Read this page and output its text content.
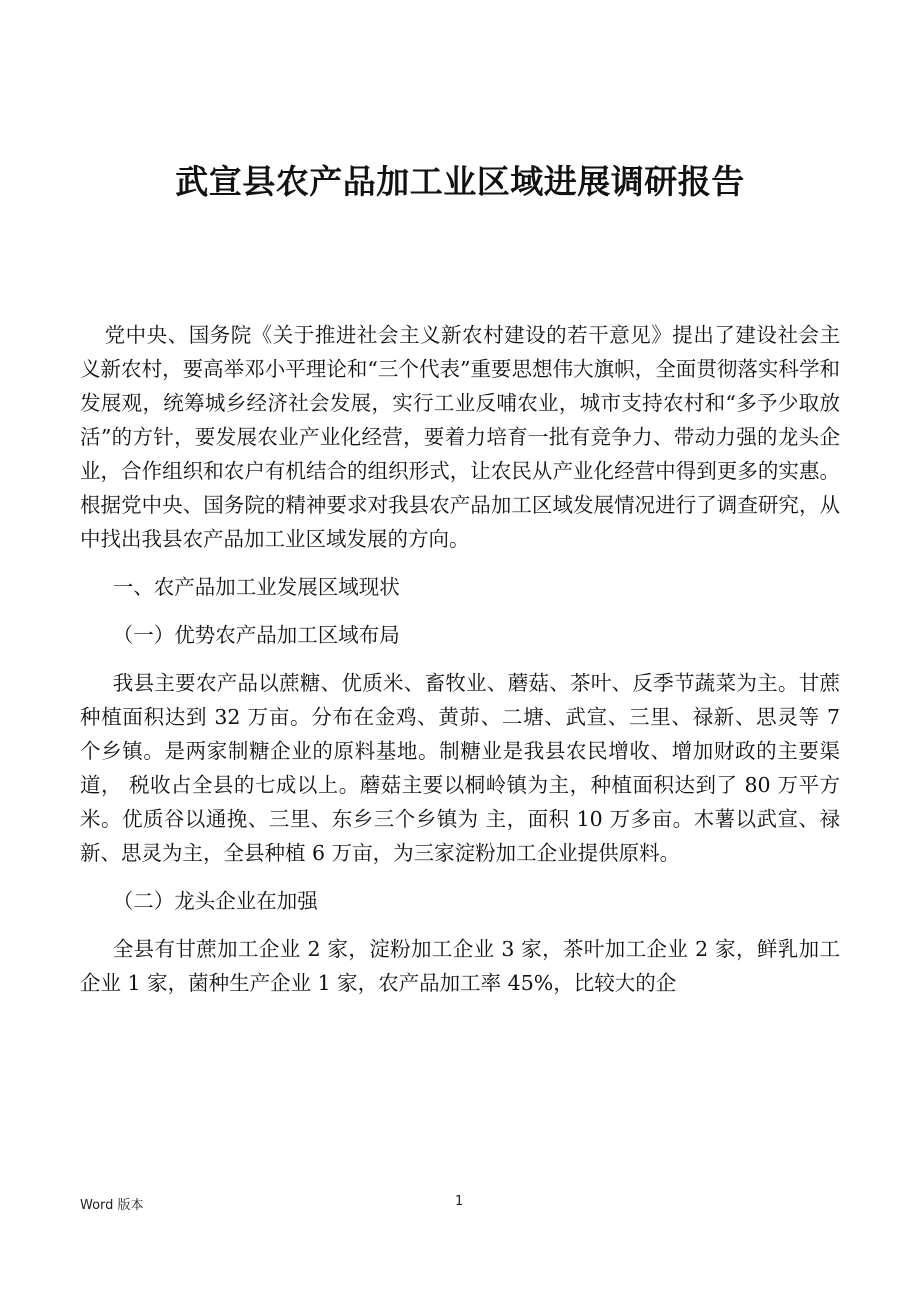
武宣县农产品加工业区域进展调研报告

党中央、国务院《关于推进社会主义新农村建设的若干意见》提出了建设社会主义新农村，要高举邓小平理论和“三个代表”重要思想伟大旗帜，全面贯彻落实科学和发展观，统筹城乡经济社会发展，实行工业反哺农业，城市支持农村和“多予少取放活”的方针，要发展农业产业化经营，要着力培育一批有竞争力、带动力强的龙头企业，合作组织和农户有机结合的组织形式，让农民从产业化经营中得到更多的实惠。根据党中央、国务院的精神要求对我县农产品加工区域发展情况进行了调查研究，从中找出我县农产品加工业区域发展的方向。

一、农产品加工业发展区域现状

（一）优势农产品加工区域布局

我县主要农产品以蔗糖、优质米、畜牧业、蘑菇、茶叶、反季节蔬菜为主。甘蔗种植面积达到 32 万亩。分布在金鸡、黄茆、二塘、武宣、三里、禄新、思灵等 7 个乡镇。是两家制糖企业的原料基地。制糖业是我县农民增收、增加财政的主要渠道， 税收占全县的七成以上。蘑菇主要以桐岭镇为主，种植面积达到了 80 万平方米。优质谷以通挽、三里、东乡三个乡镇为 主，面积 10 万多亩。木薯以武宣、禄新、思灵为主，全县种植 6 万亩，为三家淀粉加工企业提供原料。

（二）龙头企业在加强

全县有甘蔗加工企业 2 家，淀粉加工企业 3 家，茶叶加工企业 2 家，鲜乳加工企业 1 家，菌种生产企业 1 家，农产品加工率 45%，比较大的企

Word 版本	1
